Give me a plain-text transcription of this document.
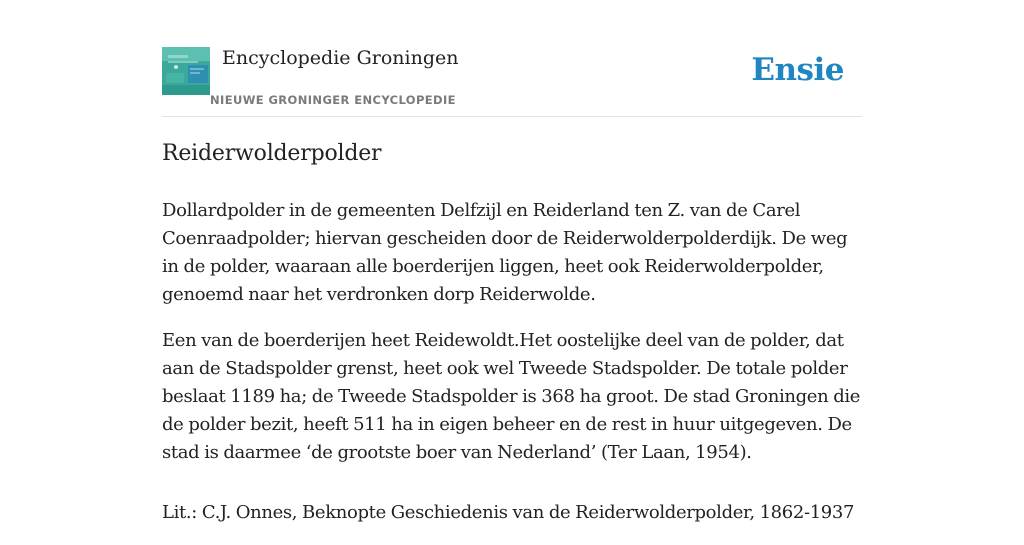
Encyclopedie Groningen
NIEUWE GRONINGER ENCYCLOPEDIE
Ensie
Reiderwolderpolder

Dollardpolder in de gemeenten Delfzijl en Reiderland ten Z. van de Carel Coenraadpolder; hiervan gescheiden door de Reiderwolderpolderdijk. De weg in de polder, waaraan alle boerderijen liggen, heet ook Reiderwolderpolder, genoemd naar het verdronken dorp Reiderwolde.

Een van de boerderijen heet Reidewoldt.Het oostelijke deel van de polder, dat aan de Stadspolder grenst, heet ook wel Tweede Stadspolder. De totale polder beslaat 1189 ha; de Tweede Stadspolder is 368 ha groot. De stad Groningen die de polder bezit, heeft 511 ha in eigen beheer en de rest in huur uitgegeven. De stad is daarmee ‘de grootste boer van Nederland’ (Ter Laan, 1954).

Lit.: C.J. Onnes, Beknopte Geschiedenis van de Reiderwolderpolder, 1862-1937
